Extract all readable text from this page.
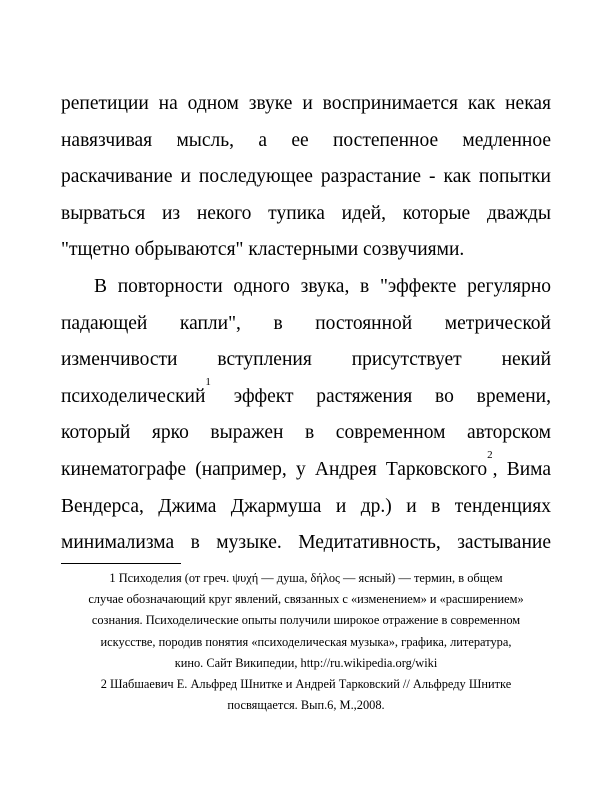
репетиции на одном звуке и воспринимается как некая
навязчивая мысль, а ее постепенное медленное
раскачивание и последующее разрастание - как попытки
вырваться из некого тупика идей, которые дважды
"тщетно обрываются" кластерными созвучиями.
В повторности одного звука, в "эффекте регулярно
падающей капли", в постоянной метрической
изменчивости вступления присутствует некий
психоделический$^1$ эффект растяжения во времени,
который ярко выражен в современном авторском
кинематографе (например, у Андрея Тарковского$^2$, Вима
Вендерса, Джима Джармуша и др.) и в тенденциях
минимализма в музыке. Медитативность, застывание
1 Психоделия (от греч. ψυχή — душа, δήλος — ясный) — термин, в общем
случае обозначающий круг явлений, связанных с «изменением» и «расширением»
сознания. Психоделические опыты получили широкое отражение в современном
искусстве, породив понятия «психоделическая музыка», графика, литература,
кино. Сайт Википедии, http://ru.wikipedia.org/wiki
2 Шабшаевич Е. Альфред Шнитке и Андрей Тарковский // Альфреду Шнитке
посвящается. Вып.6, М.,2008.
